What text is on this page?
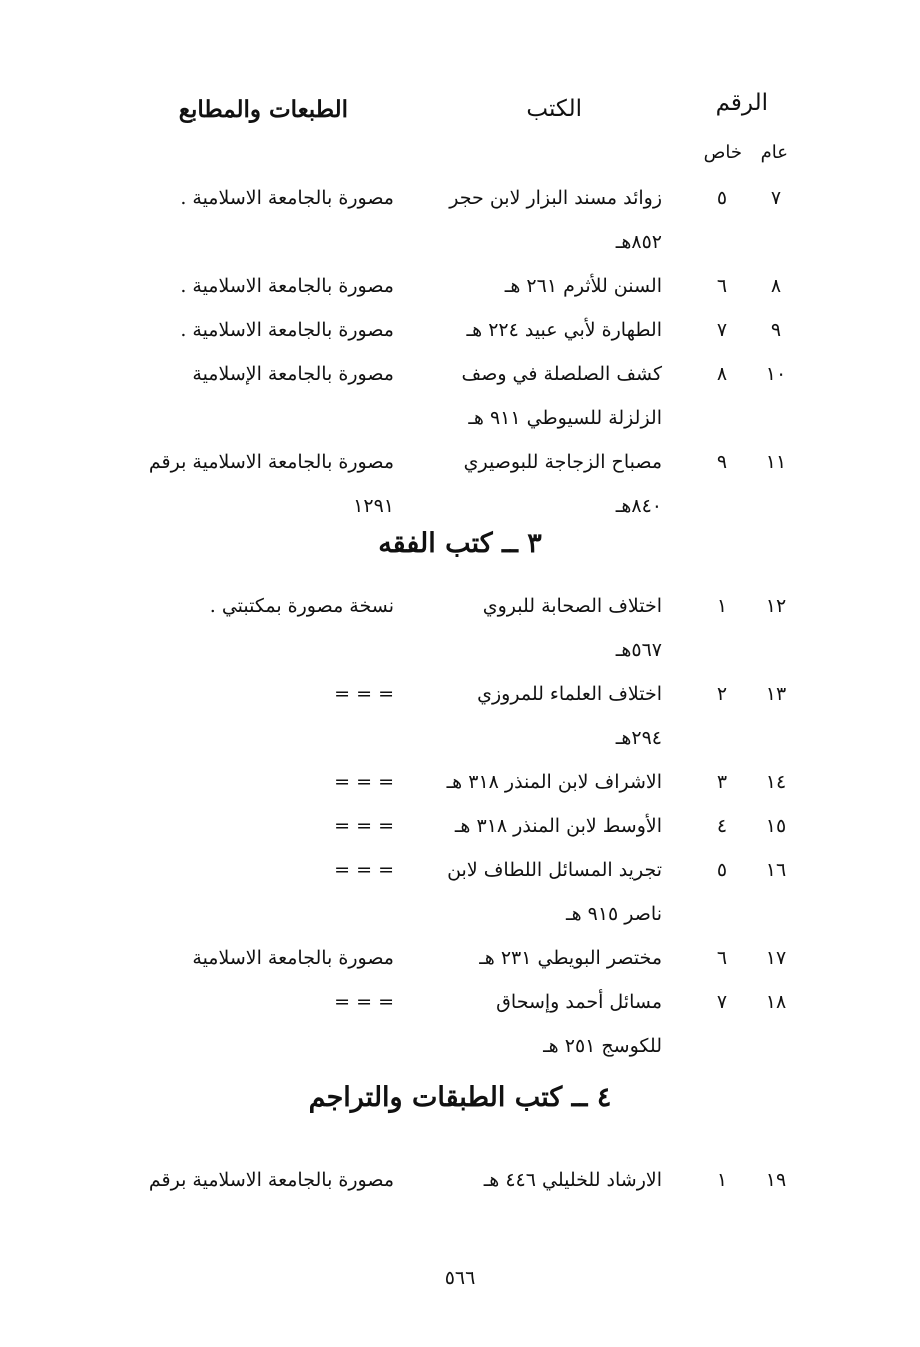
الرقم
عام
خاص
الكتب
الطبعات والمطابع
٧
٥
زوائد مسند البزار لابن حجر
٨٥٢هـ
مصورة بالجامعة الاسلامية .
٨
٦
السنن للأثرم ٢٦١ هـ
مصورة بالجامعة الاسلامية .
٩
٧
الطهارة لأبي عبيد ٢٢٤ هـ
مصورة بالجامعة الاسلامية .
١٠
٨
كشف الصلصلة في وصف
الزلزلة للسيوطي ٩١١ هـ
مصورة بالجامعة الإسلامية
١١
٩
مصباح الزجاجة للبوصيري
٨٤٠هـ
مصورة بالجامعة الاسلامية برقم
١٢٩١
١٢
١
اختلاف الصحابة للبروي
٥٦٧هـ
نسخة مصورة بمكتبتي .
١٣
٢
اختلاف العلماء للمروزي
٢٩٤هـ
= = =
١٤
٣
الاشراف لابن المنذر ٣١٨ هـ
= = =
١٥
٤
الأوسط لابن المنذر ٣١٨ هـ
= = =
١٦
٥
تجريد المسائل اللطاف لابن
ناصر ٩١٥ هـ
= = =
١٧
٦
مختصر البويطي ٢٣١ هـ
مصورة بالجامعة الاسلامية
١٨
٧
مسائل أحمد وإسحاق
للكوسج ٢٥١ هـ
= = =
١٩
١
الارشاد للخليلي ٤٤٦ هـ
مصورة بالجامعة الاسلامية برقم
٣ ــ كتب الفقه
٤ ــ كتب الطبقات والتراجم
٥٦٦
